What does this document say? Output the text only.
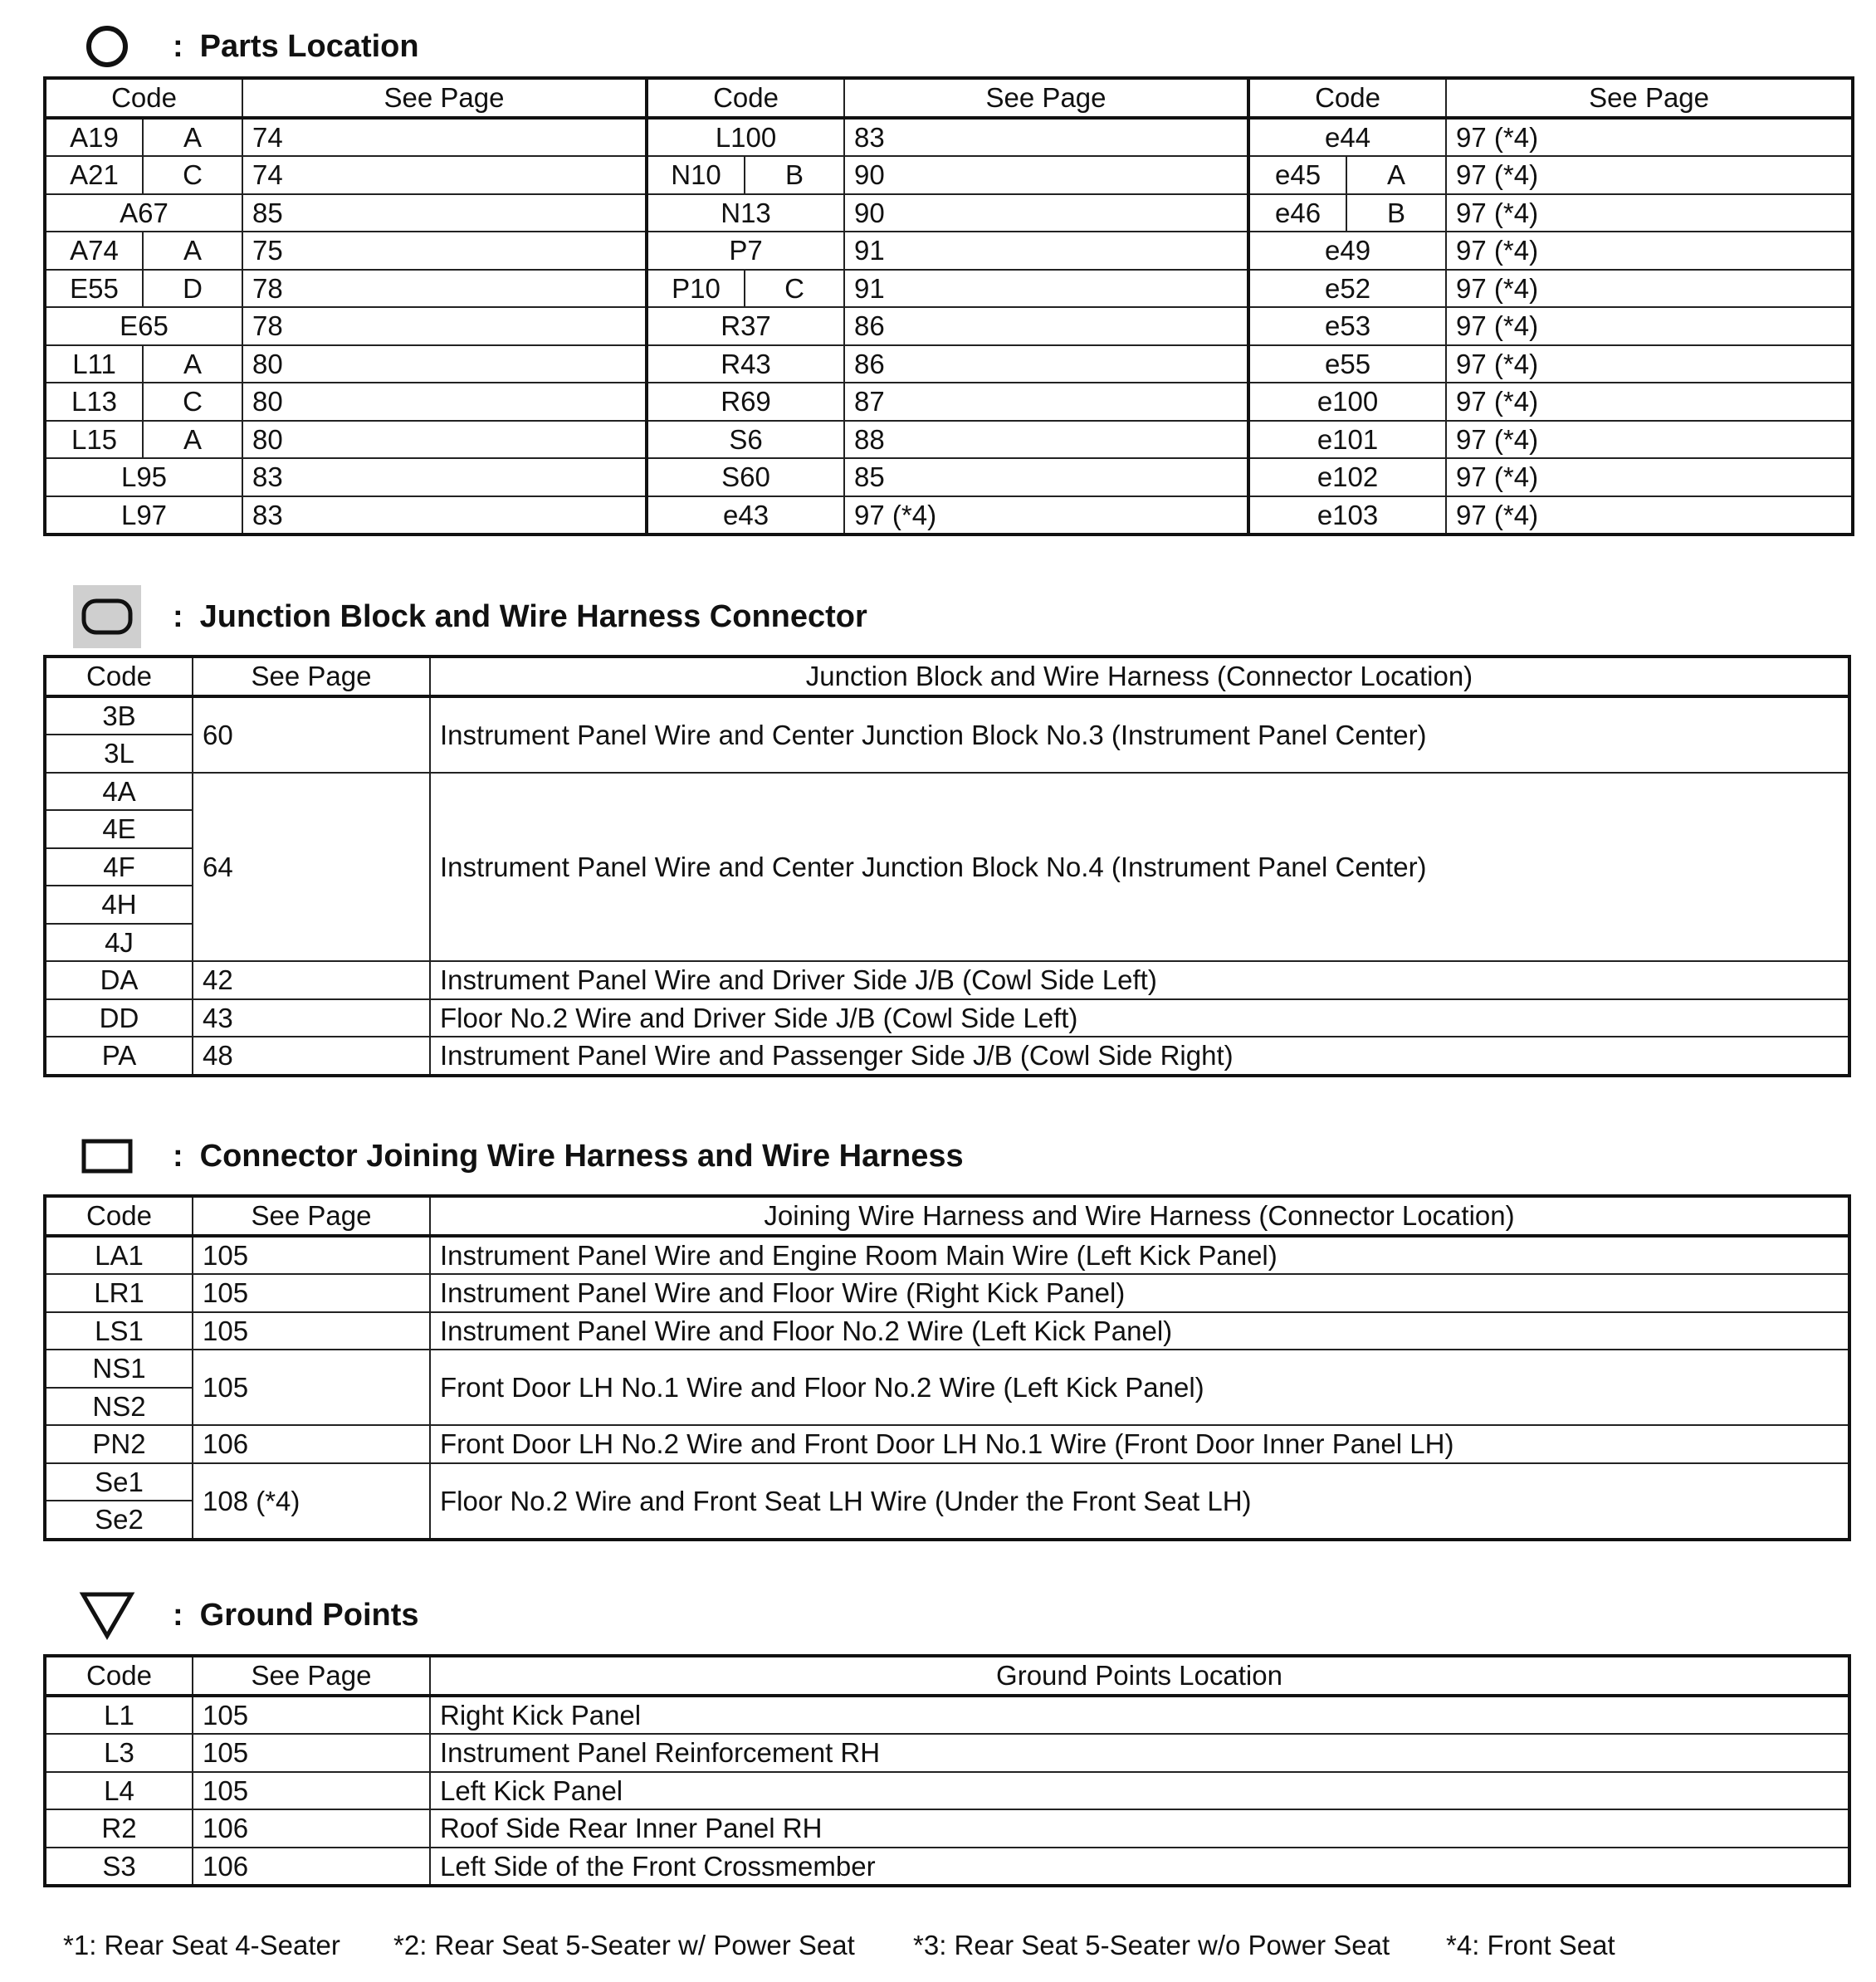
: Parts Location
Code		See Page	Code		See Page	Code		See Page
A19	A	74	L100		83	e44		97 (*4)
A21	C	74	N10	B	90	e45	A	97 (*4)
A67		85	N13		90	e46	B	97 (*4)
A74	A	75	P7		91	e49		97 (*4)
E55	D	78	P10	C	91	e52		97 (*4)
E65		78	R37		86	e53		97 (*4)
L11	A	80	R43		86	e55		97 (*4)
L13	C	80	R69		87	e100		97 (*4)
L15	A	80	S6		88	e101		97 (*4)
L95		83	S60		85	e102		97 (*4)
L97		83	e43		97 (*4)	e103		97 (*4)
: Junction Block and Wire Harness Connector
Code	See Page	Junction Block and Wire Harness (Connector Location)
3B	60	Instrument Panel Wire and Center Junction Block No.3 (Instrument Panel Center)
3L		
4A	64	Instrument Panel Wire and Center Junction Block No.4 (Instrument Panel Center)
4E		
4F		
4H		
4J		
DA	42	Instrument Panel Wire and Driver Side J/B (Cowl Side Left)
DD	43	Floor No.2 Wire and Driver Side J/B (Cowl Side Left)
PA	48	Instrument Panel Wire and Passenger Side J/B (Cowl Side Right)
: Connector Joining Wire Harness and Wire Harness
Code	See Page	Joining Wire Harness and Wire Harness (Connector Location)
LA1	105	Instrument Panel Wire and Engine Room Main Wire (Left Kick Panel)
LR1	105	Instrument Panel Wire and Floor Wire (Right Kick Panel)
LS1	105	Instrument Panel Wire and Floor No.2 Wire (Left Kick Panel)
NS1	105	Front Door LH No.1 Wire and Floor No.2 Wire (Left Kick Panel)
NS2		
PN2	106	Front Door LH No.2 Wire and Front Door LH No.1 Wire (Front Door Inner Panel LH)
Se1	108 (*4)	Floor No.2 Wire and Front Seat LH Wire (Under the Front Seat LH)
Se2		
: Ground Points
Code	See Page	Ground Points Location
L1	105	Right Kick Panel
L3	105	Instrument Panel Reinforcement RH
L4	105	Left Kick Panel
R2	106	Roof Side Rear Inner Panel RH
S3	106	Left Side of the Front Crossmember
*1: Rear Seat 4-Seater *2: Rear Seat 5-Seater w/ Power Seat *3: Rear Seat 5-Seater w/o Power Seat *4: Front Seat
